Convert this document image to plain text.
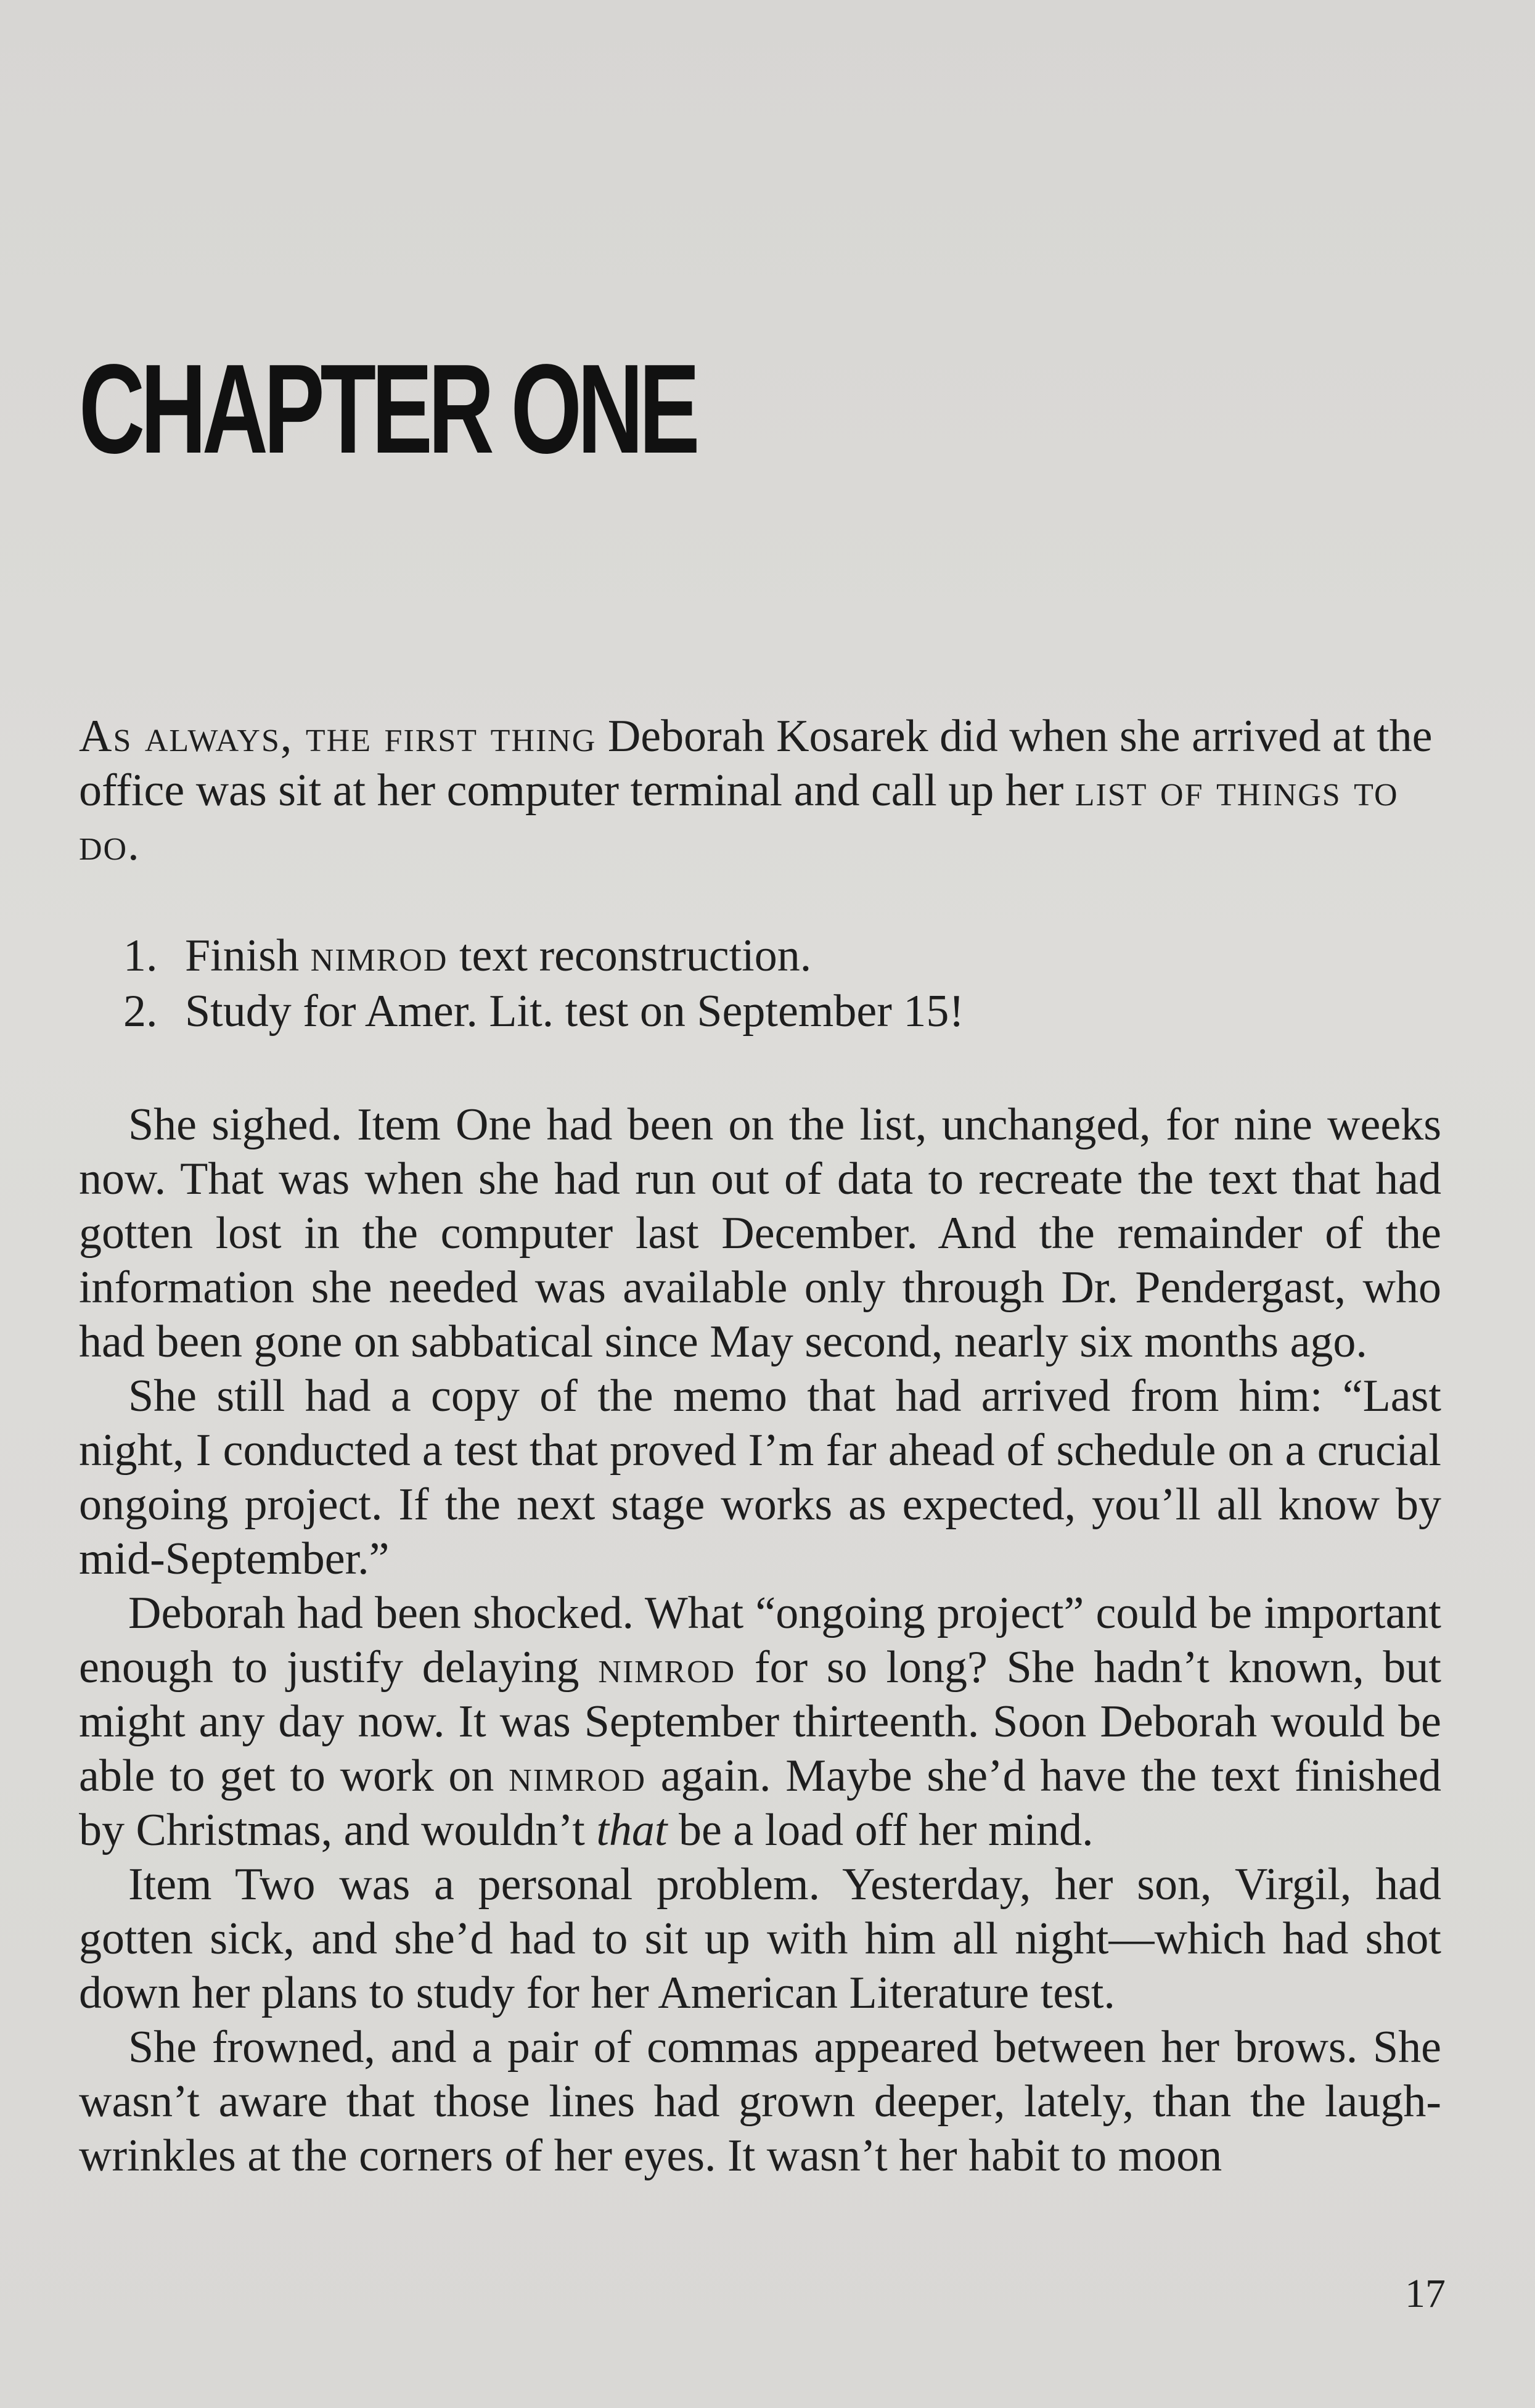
CHAPTER ONE

As always, the first thing Deborah Kosarek did when she arrived at the office was sit at her computer terminal and call up her list of things to do.

1. Finish nimrod text reconstruction.
2. Study for Amer. Lit. test on September 15!

She sighed. Item One had been on the list, unchanged, for nine weeks now. That was when she had run out of data to recreate the text that had gotten lost in the computer last December. And the remainder of the information she needed was available only through Dr. Pendergast, who had been gone on sabbatical since May second, nearly six months ago.

She still had a copy of the memo that had arrived from him: “Last night, I conducted a test that proved I’m far ahead of schedule on a crucial ongoing project. If the next stage works as expected, you’ll all know by mid-September.”

Deborah had been shocked. What “ongoing project” could be important enough to justify delaying nimrod for so long? She hadn’t known, but might any day now. It was September thirteenth. Soon Deborah would be able to get to work on nimrod again. Maybe she’d have the text finished by Christmas, and wouldn’t that be a load off her mind.

Item Two was a personal problem. Yesterday, her son, Virgil, had gotten sick, and she’d had to sit up with him all night—which had shot down her plans to study for her American Literature test.

She frowned, and a pair of commas appeared between her brows. She wasn’t aware that those lines had grown deeper, lately, than the laugh-wrinkles at the corners of her eyes. It wasn’t her habit to moon

17
